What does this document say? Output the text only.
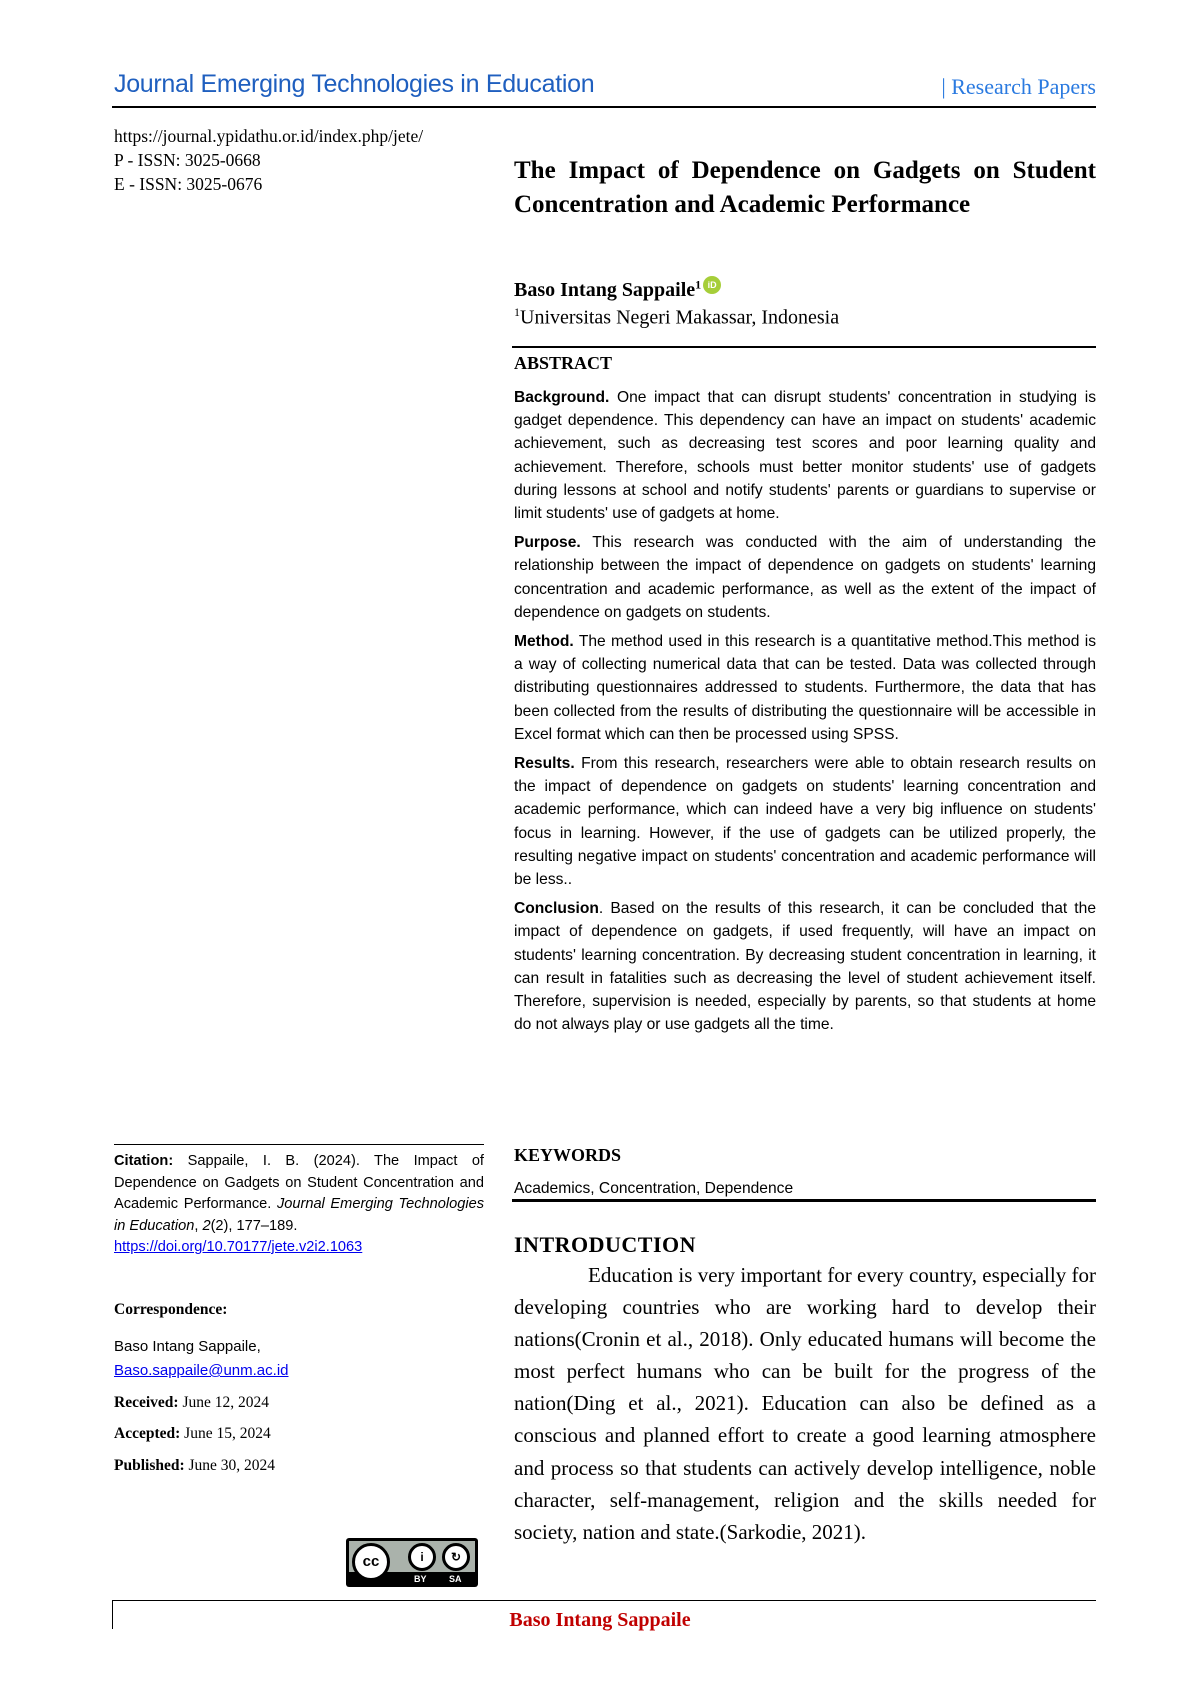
Journal Emerging Technologies in Education	| Research Papers
https://journal.ypidathu.or.id/index.php/jete/
P - ISSN: 3025-0668
E - ISSN: 3025-0676	The Impact of Dependence on Gadgets on Student Concentration and Academic Performance
Baso Intang Sappaile$^1$ iD
$^1$Universitas Negeri Makassar, Indonesia
ABSTRACT

Background. One impact that can disrupt students' concentration in studying is gadget dependence. This dependency can have an impact on students' academic achievement, such as decreasing test scores and poor learning quality and achievement. Therefore, schools must better monitor students' use of gadgets during lessons at school and notify students' parents or guardians to supervise or limit students' use of gadgets at home.

Purpose. This research was conducted with the aim of understanding the relationship between the impact of dependence on gadgets on students' learning concentration and academic performance, as well as the extent of the impact of dependence on gadgets on students.

Method. The method used in this research is a quantitative method.This method is a way of collecting numerical data that can be tested. Data was collected through distributing questionnaires addressed to students. Furthermore, the data that has been collected from the results of distributing the questionnaire will be accessible in Excel format which can then be processed using SPSS.

Results. From this research, researchers were able to obtain research results on the impact of dependence on gadgets on students' learning concentration and academic performance, which can indeed have a very big influence on students' focus in learning. However, if the use of gadgets can be utilized properly, the resulting negative impact on students' concentration and academic performance will be less..

Conclusion. Based on the results of this research, it can be concluded that the impact of dependence on gadgets, if used frequently, will have an impact on students' learning concentration. By decreasing student concentration in learning, it can result in fatalities such as decreasing the level of student achievement itself. Therefore, supervision is needed, especially by parents, so that students at home do not always play or use gadgets all the time.

KEYWORDS
Academics, Concentration, Dependence
INTRODUCTION

Education is very important for every country, especially for developing countries who are working hard to develop their nations(Cronin et al., 2018). Only educated humans will become the most perfect humans who can be built for the progress of the nation(Ding et al., 2021). Education can also be defined as a conscious and planned effort to create a good learning atmosphere and process so that students can actively develop intelligence, noble character, self-management, religion and the skills needed for society, nation and state.(Sarkodie, 2021).

Citation: Sappaile, I. B. (2024). The Impact of Dependence on Gadgets on Student Concentration and Academic Performance. Journal Emerging Technologies in Education, 2(2), 177–189.
https://doi.org/10.70177/jete.v2i2.1063
Correspondence:
Baso Intang Sappaile,
Baso.sappaile@unm.ac.id
Received: June 12, 2024
Accepted: June 15, 2024
Published: June 30, 2024
cc	i	↻
BY SA
Baso Intang Sappaile
